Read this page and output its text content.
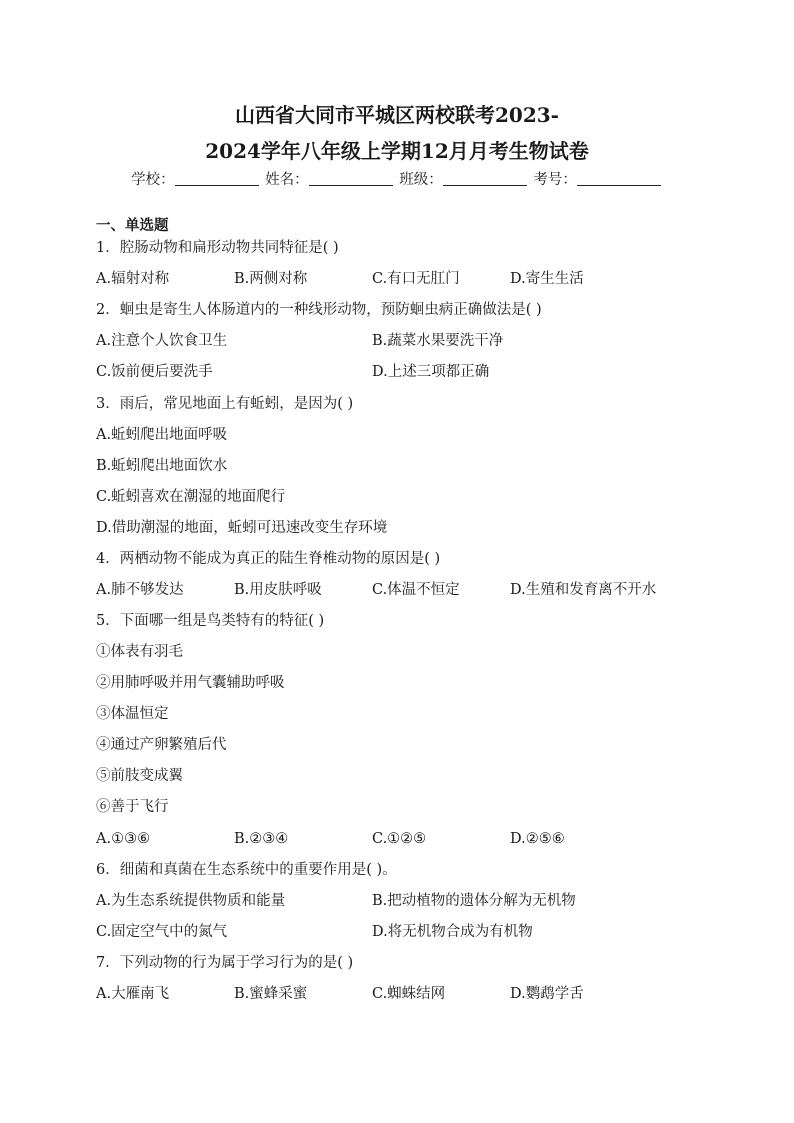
山西省大同市平城区两校联考2023-
2024学年八年级上学期12月月考生物试卷
学校：	姓名：	班级：	考号：
一、单选题
1．腔肠动物和扁形动物共同特征是( )
A.辐射对称	B.两侧对称	C.有口无肛门	D.寄生生活
2．蛔虫是寄生人体肠道内的一种线形动物，预防蛔虫病正确做法是( )
A.注意个人饮食卫生	B.蔬菜水果要洗干净
C.饭前便后要洗手	D.上述三项都正确
3．雨后，常见地面上有蚯蚓，是因为( )
A.蚯蚓爬出地面呼吸
B.蚯蚓爬出地面饮水
C.蚯蚓喜欢在潮湿的地面爬行
D.借助潮湿的地面，蚯蚓可迅速改变生存环境
4．两栖动物不能成为真正的陆生脊椎动物的原因是( )
A.肺不够发达	B.用皮肤呼吸	C.体温不恒定	D.生殖和发育离不开水
5．下面哪一组是鸟类特有的特征( )
①体表有羽毛
②用肺呼吸并用气囊辅助呼吸
③体温恒定
④通过产卵繁殖后代
⑤前肢变成翼
⑥善于飞行
A.①③⑥	B.②③④	C.①②⑤	D.②⑤⑥
6．细菌和真菌在生态系统中的重要作用是( )。
A.为生态系统提供物质和能量	B.把动植物的遗体分解为无机物
C.固定空气中的氮气	D.将无机物合成为有机物
7．下列动物的行为属于学习行为的是( )
A.大雁南飞	B.蜜蜂采蜜	C.蜘蛛结网	D.鹦鹉学舌
